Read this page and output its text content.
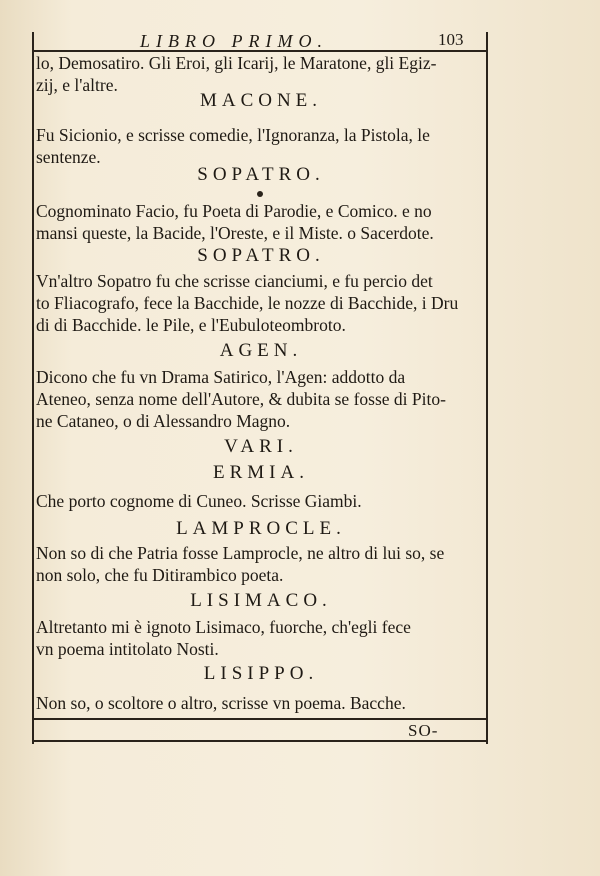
LIBRO PRIMO.	103
lo, Demosatiro. Gli Eroi, gli Icarij, le Maratone, gli Egiz-
zij, e l'altre.
MACONE.
Fu Sicionio, e scrisse comedie, l'Ignoranza, la Pistola, le
sentenze.
SOPATRO.
Cognominato Facio, fu Poeta di Parodie, e Comico. e no
mansi queste, la Bacide, l'Oreste, e il Miste. o Sacerdote.
SOPATRO.
Vn'altro Sopatro fu che scrisse cianciumi, e fu percio det
to Fliacografo, fece la Bacchide, le nozze di Bacchide, i Dru
di di Bacchide. le Pile, e l'Eubuloteombroto.
AGEN.
Dicono che fu vn Drama Satirico, l'Agen: addotto da
Ateneo, senza nome dell'Autore, & dubita se fosse di Pito-
ne Cataneo, o di Alessandro Magno.
VARI.
ERMIA.
Che porto cognome di Cuneo. Scrisse Giambi.
LAMPROCLE.
Non so di che Patria fosse Lamprocle, ne altro di lui so, se
non solo, che fu Ditirambico poeta.
LISIMACO.
Altretanto mi è ignoto Lisimaco, fuorche, ch'egli fece
vn poema intitolato Nosti.
LISIPPO.
Non so, o scoltore o altro, scrisse vn poema. Bacche.
SO-
